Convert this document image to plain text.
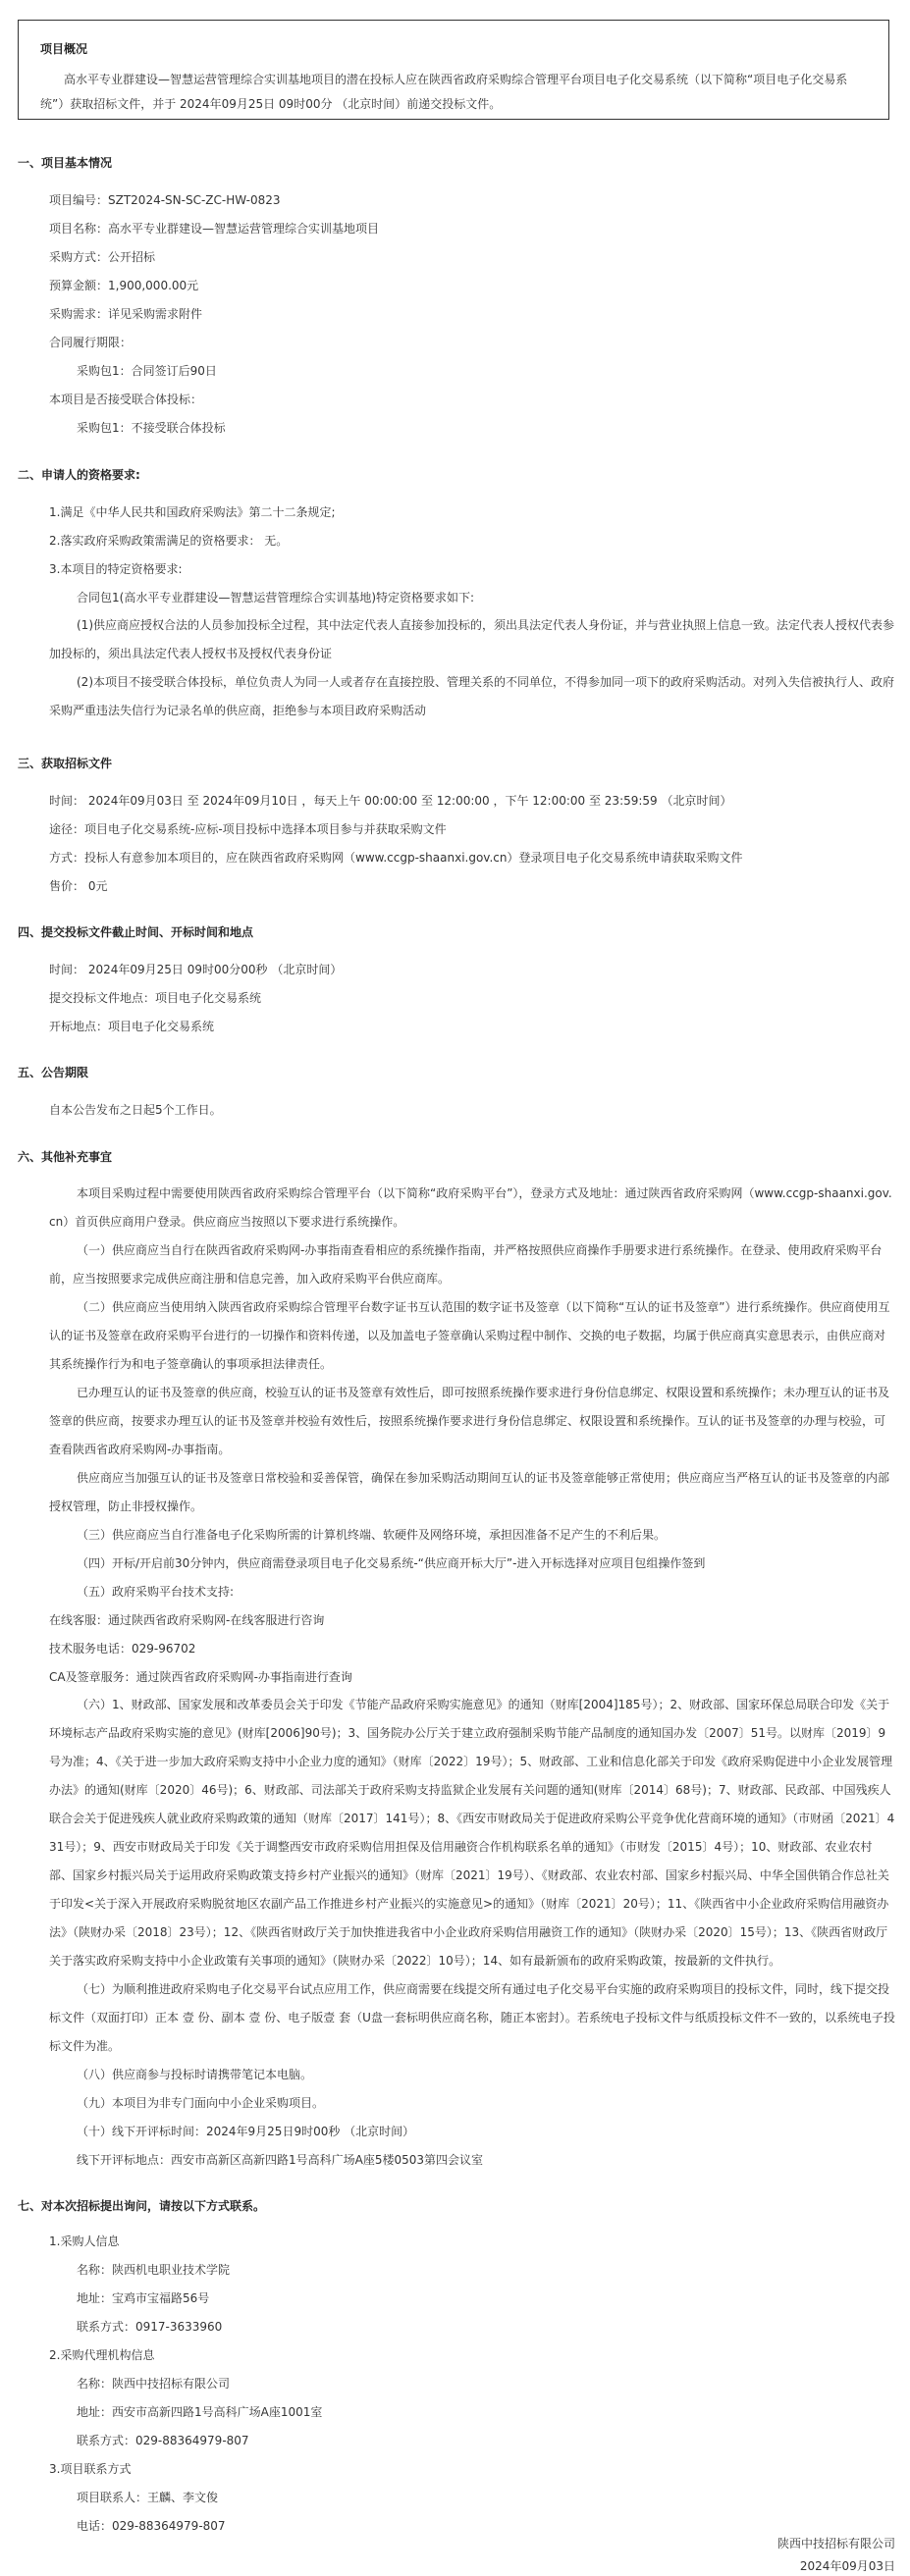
项目概况
高水平专业群建设—智慧运营管理综合实训基地项目的潜在投标人应在陕西省政府采购综合管理平台项目电子化交易系统（以下简称“项目电子化交易系统”）获取招标文件，并于 2024年09月25日 09时00分 （北京时间）前递交投标文件。
一、项目基本情况
项目编号：SZT2024-SN-SC-ZC-HW-0823
项目名称：高水平专业群建设—智慧运营管理综合实训基地项目
采购方式：公开招标
预算金额：1,900,000.00元
采购需求：详见采购需求附件
合同履行期限：
采购包1：合同签订后90日
本项目是否接受联合体投标：
采购包1：不接受联合体投标
二、申请人的资格要求:
1.满足《中华人民共和国政府采购法》第二十二条规定;
2.落实政府采购政策需满足的资格要求： 无。
3.本项目的特定资格要求:
合同包1(高水平专业群建设—智慧运营管理综合实训基地)特定资格要求如下:
(1)供应商应授权合法的人员参加投标全过程，其中法定代表人直接参加投标的，须出具法定代表人身份证，并与营业执照上信息一致。法定代表人授权代表参加投标的，须出具法定代表人授权书及授权代表身份证
(2)本项目不接受联合体投标，单位负责人为同一人或者存在直接控股、管理关系的不同单位，不得参加同一项下的政府采购活动。对列入失信被执行人、政府采购严重违法失信行为记录名单的供应商，拒绝参与本项目政府采购活动
三、获取招标文件
时间： 2024年09月03日 至 2024年09月10日 ，每天上午 00:00:00 至 12:00:00 ，下午 12:00:00 至 23:59:59 （北京时间）
途径：项目电子化交易系统-应标-项目投标中选择本项目参与并获取采购文件
方式：投标人有意参加本项目的，应在陕西省政府采购网（www.ccgp-shaanxi.gov.cn）登录项目电子化交易系统申请获取采购文件
售价： 0元
四、提交投标文件截止时间、开标时间和地点
时间： 2024年09月25日 09时00分00秒 （北京时间）
提交投标文件地点：项目电子化交易系统
开标地点：项目电子化交易系统
五、公告期限
自本公告发布之日起5个工作日。
六、其他补充事宜
本项目采购过程中需要使用陕西省政府采购综合管理平台（以下简称“政府采购平台”），登录方式及地址：通过陕西省政府采购网（www.ccgp-shaanxi.gov.cn）首页供应商用户登录。供应商应当按照以下要求进行系统操作。
（一）供应商应当自行在陕西省政府采购网-办事指南查看相应的系统操作指南，并严格按照供应商操作手册要求进行系统操作。在登录、使用政府采购平台前，应当按照要求完成供应商注册和信息完善，加入政府采购平台供应商库。
（二）供应商应当使用纳入陕西省政府采购综合管理平台数字证书互认范围的数字证书及签章（以下简称“互认的证书及签章”）进行系统操作。供应商使用互认的证书及签章在政府采购平台进行的一切操作和资料传递，以及加盖电子签章确认采购过程中制作、交换的电子数据，均属于供应商真实意思表示，由供应商对其系统操作行为和电子签章确认的事项承担法律责任。
已办理互认的证书及签章的供应商，校验互认的证书及签章有效性后，即可按照系统操作要求进行身份信息绑定、权限设置和系统操作；未办理互认的证书及签章的供应商，按要求办理互认的证书及签章并校验有效性后，按照系统操作要求进行身份信息绑定、权限设置和系统操作。互认的证书及签章的办理与校验，可查看陕西省政府采购网-办事指南。
供应商应当加强互认的证书及签章日常校验和妥善保管，确保在参加采购活动期间互认的证书及签章能够正常使用；供应商应当严格互认的证书及签章的内部授权管理，防止非授权操作。
（三）供应商应当自行准备电子化采购所需的计算机终端、软硬件及网络环境，承担因准备不足产生的不利后果。
（四）开标/开启前30分钟内，供应商需登录项目电子化交易系统-“供应商开标大厅”-进入开标选择对应项目包组操作签到
（五）政府采购平台技术支持:
在线客服：通过陕西省政府采购网-在线客服进行咨询
技术服务电话：029-96702
CA及签章服务：通过陕西省政府采购网-办事指南进行查询
（六）1、财政部、国家发展和改革委员会关于印发《节能产品政府采购实施意见》的通知（财库[2004]185号）；2、财政部、国家环保总局联合印发《关于环境标志产品政府采购实施的意见》(财库[2006]90号)；3、国务院办公厅关于建立政府强制采购节能产品制度的通知国办发〔2007〕51号。以财库〔2019〕9号为准；4、《关于进一步加大政府采购支持中小企业力度的通知》（财库〔2022〕19号）；5、财政部、工业和信息化部关于印发《政府采购促进中小企业发展管理办法》的通知(财库〔2020〕46号)；6、财政部、司法部关于政府采购支持监狱企业发展有关问题的通知(财库〔2014〕68号)；7、财政部、民政部、中国残疾人联合会关于促进残疾人就业政府采购政策的通知（财库〔2017〕141号）；8、《西安市财政局关于促进政府采购公平竞争优化营商环境的通知》（市财函〔2021〕431号）；9、西安市财政局关于印发《关于调整西安市政府采购信用担保及信用融资合作机构联系名单的通知》（市财发〔2015〕4号）；10、财政部、农业农村部、国家乡村振兴局关于运用政府采购政策支持乡村产业振兴的通知》（财库〔2021〕19号）、《财政部、农业农村部、国家乡村振兴局、中华全国供销合作总社关于印发<关于深入开展政府采购脱贫地区农副产品工作推进乡村产业振兴的实施意见>的通知》（财库〔2021〕20号）；11、《陕西省中小企业政府采购信用融资办法》（陕财办采〔2018〕23号）；12、《陕西省财政厅关于加快推进我省中小企业政府采购信用融资工作的通知》（陕财办采〔2020〕15号）；13、《陕西省财政厅关于落实政府采购支持中小企业政策有关事项的通知》（陕财办采〔2022〕10号）；14、如有最新颁布的政府采购政策，按最新的文件执行。
（七）为顺利推进政府采购电子化交易平台试点应用工作，供应商需要在线提交所有通过电子化交易平台实施的政府采购项目的投标文件，同时，线下提交投标文件（双面打印）正本 壹 份、副本 壹 份、电子版壹 套（U盘一套标明供应商名称，随正本密封）。若系统电子投标文件与纸质投标文件不一致的，以系统电子投标文件为准。
（八）供应商参与投标时请携带笔记本电脑。
（九）本项目为非专门面向中小企业采购项目。
（十）线下开评标时间：2024年9月25日9时00秒 （北京时间）
线下开评标地点：西安市高新区高新四路1号高科广场A座5楼0503第四会议室
七、对本次招标提出询问，请按以下方式联系。
1.采购人信息
名称：陕西机电职业技术学院
地址：宝鸡市宝福路56号
联系方式：0917-3633960
2.采购代理机构信息
名称：陕西中技招标有限公司
地址：西安市高新四路1号高科广场A座1001室
联系方式：029-88364979-807
3.项目联系方式
项目联系人：王麟、李文俊
电话：029-88364979-807
陕西中技招标有限公司
2024年09月03日
